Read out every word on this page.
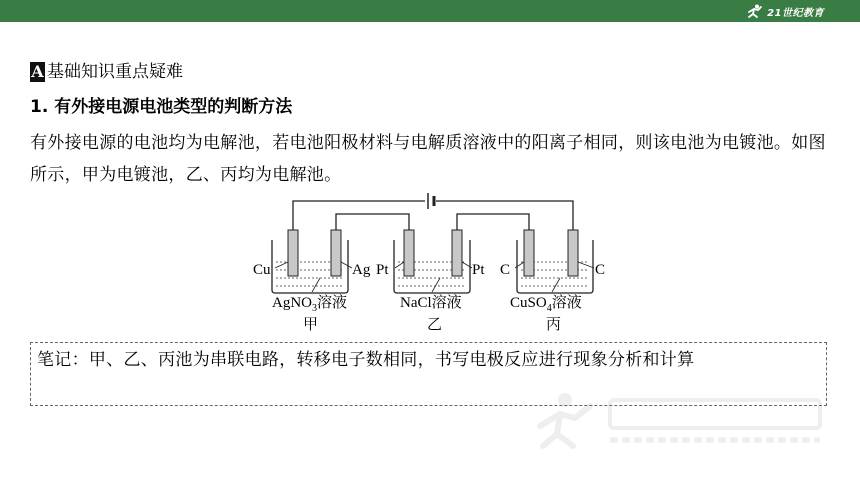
21世纪教育
A 基础知识重点疑难
1. 有外接电源电池类型的判断方法
有外接电源的电池均为电解池，若电池阳极材料与电解质溶液中的阳离子相同，则该电池为电镀池。如图所示，甲为电镀池，乙、丙均为电解池。
Cu	Ag
AgNO$_3$溶液
甲
Pt	Pt
NaCl溶液
乙
C	C
CuSO$_4$溶液
丙
笔记：甲、乙、丙池为串联电路，转移电子数相同，书写电极反应进行现象分析和计算
